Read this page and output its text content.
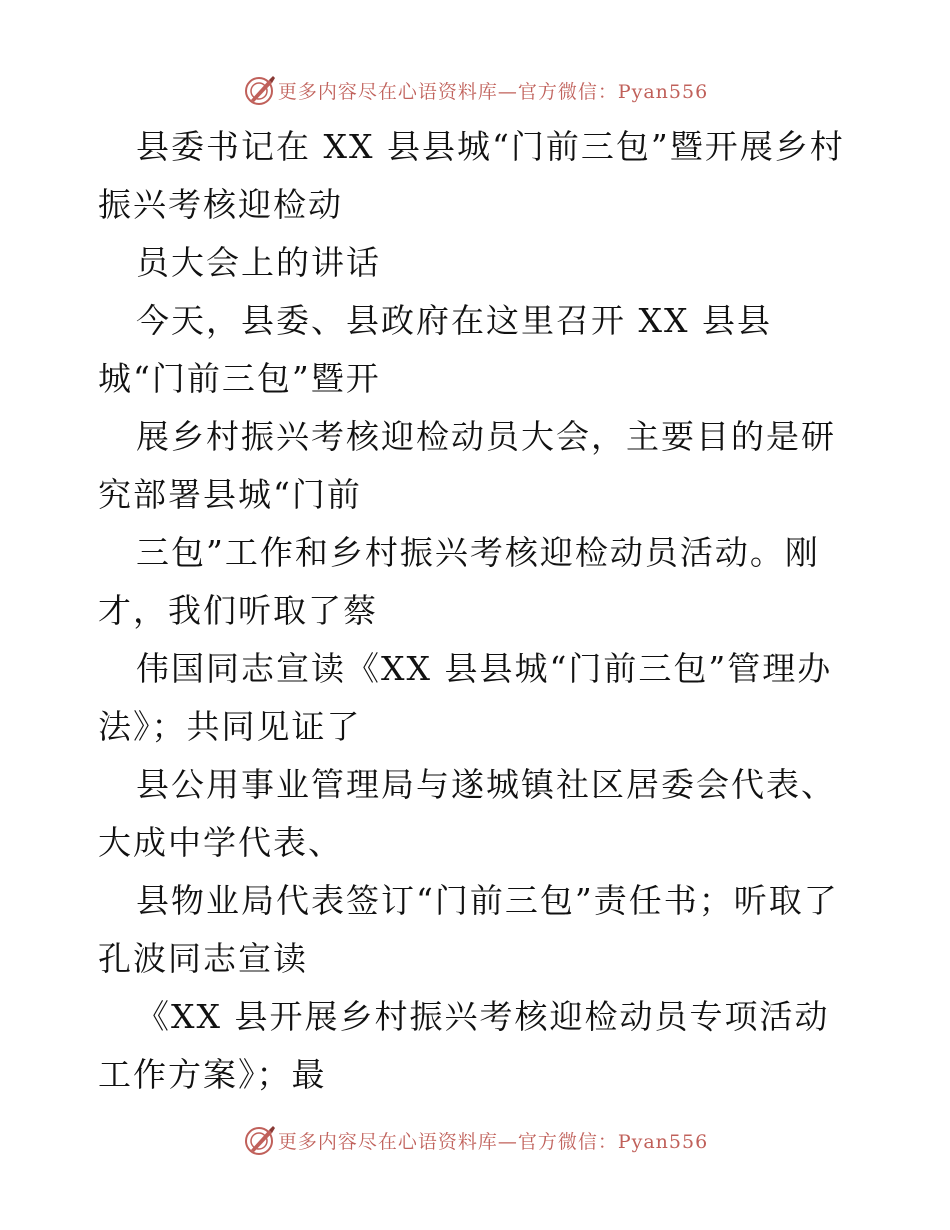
更多内容尽在心语资料库—官方微信：Pyan556

县委书记在 XX 县县城“门前三包”暨开展乡村振兴考核迎检动

员大会上的讲话

今天，县委、县政府在这里召开 XX 县县城“门前三包”暨开

展乡村振兴考核迎检动员大会，主要目的是研究部署县城“门前

三包”工作和乡村振兴考核迎检动员活动。刚才，我们听取了蔡

伟国同志宣读《XX 县县城“门前三包”管理办法》；共同见证了

县公用事业管理局与遂城镇社区居委会代表、大成中学代表、

县物业局代表签订“门前三包”责任书；听取了孔波同志宣读

《XX 县开展乡村振兴考核迎检动员专项活动工作方案》；最

更多内容尽在心语资料库—官方微信：Pyan556
